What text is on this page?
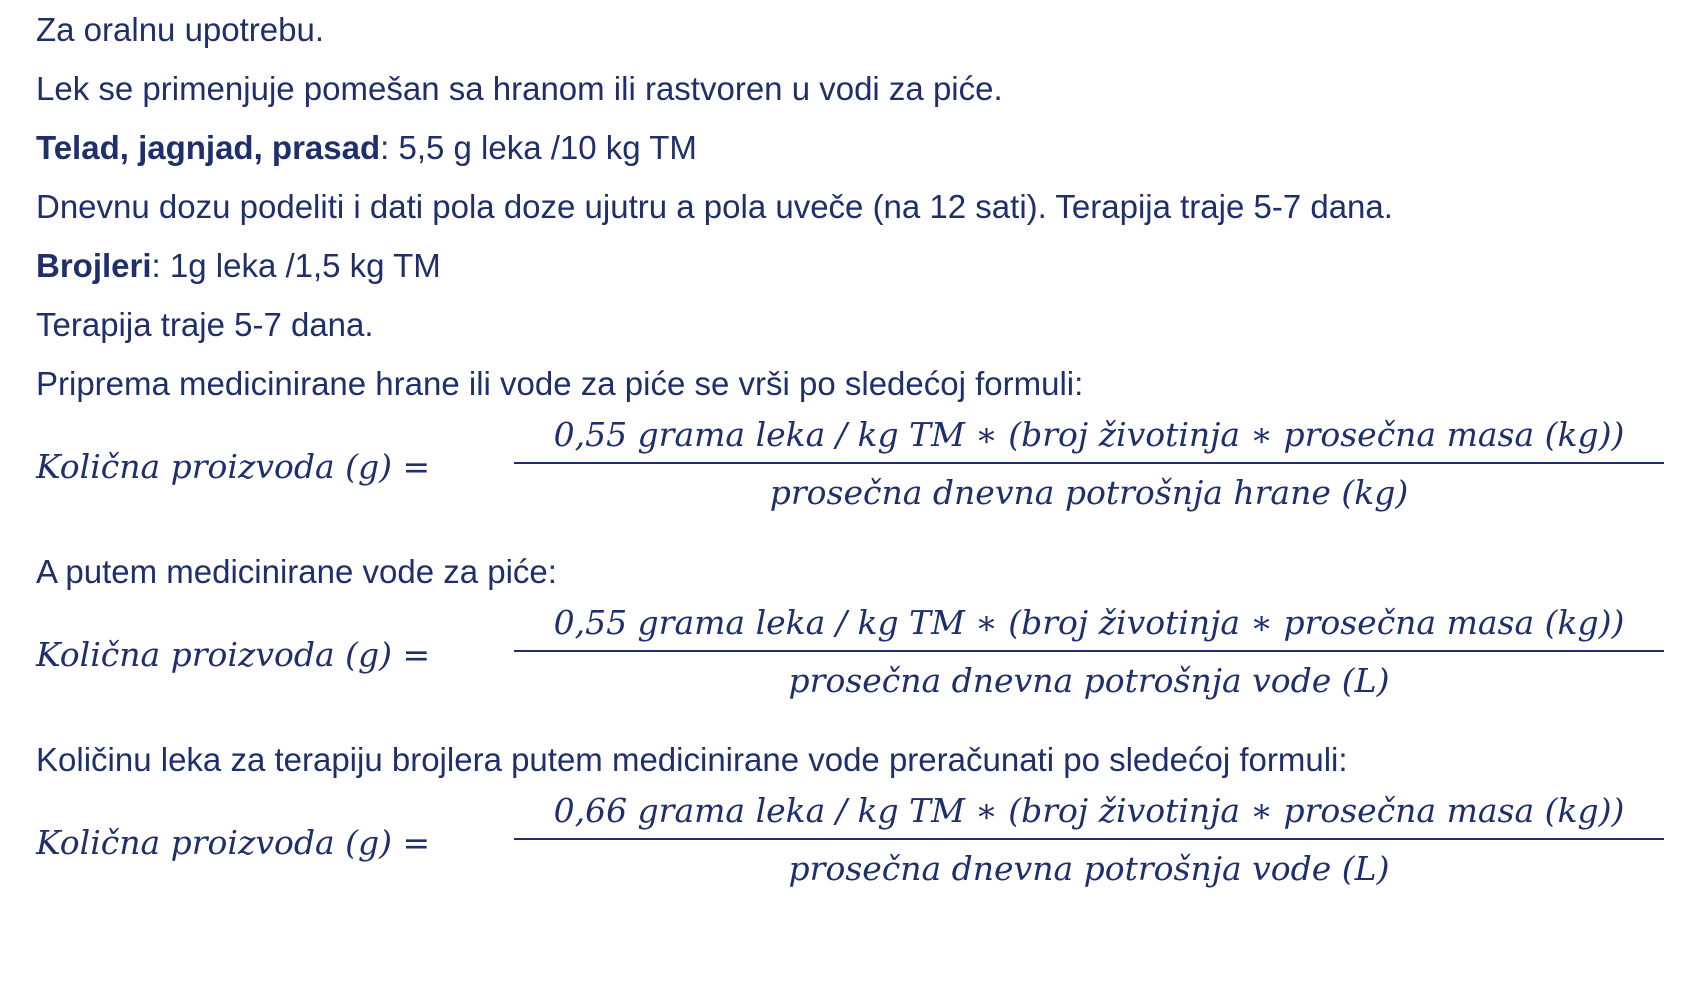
Za oralnu upotrebu.
Lek se primenjuje pomešan sa hranom ili rastvoren u vodi za piće.
Telad, jagnjad, prasad: 5,5 g leka /10 kg TM
Dnevnu dozu podeliti i dati pola doze ujutru a pola uveče (na 12 sati). Terapija traje 5-7 dana.
Brojleri: 1g leka /1,5 kg TM
Terapija traje 5-7 dana.
Priprema medicinirane hrane ili vode za piće se vrši po sledećoj formuli:
Količna proizvoda (g) =
0,55 grama leka / kg TM ∗ (broj životinja ∗ prosečna masa (kg))
prosečna dnevna potrošnja hrane (kg)
A putem medicinirane vode za piće:
Količna proizvoda (g) =
0,55 grama leka / kg TM ∗ (broj životinja ∗ prosečna masa (kg))
prosečna dnevna potrošnja vode (L)
Količinu leka za terapiju brojlera putem medicinirane vode preračunati po sledećoj formuli:
Količna proizvoda (g) =
0,66 grama leka / kg TM ∗ (broj životinja ∗ prosečna masa (kg))
prosečna dnevna potrošnja vode (L)
